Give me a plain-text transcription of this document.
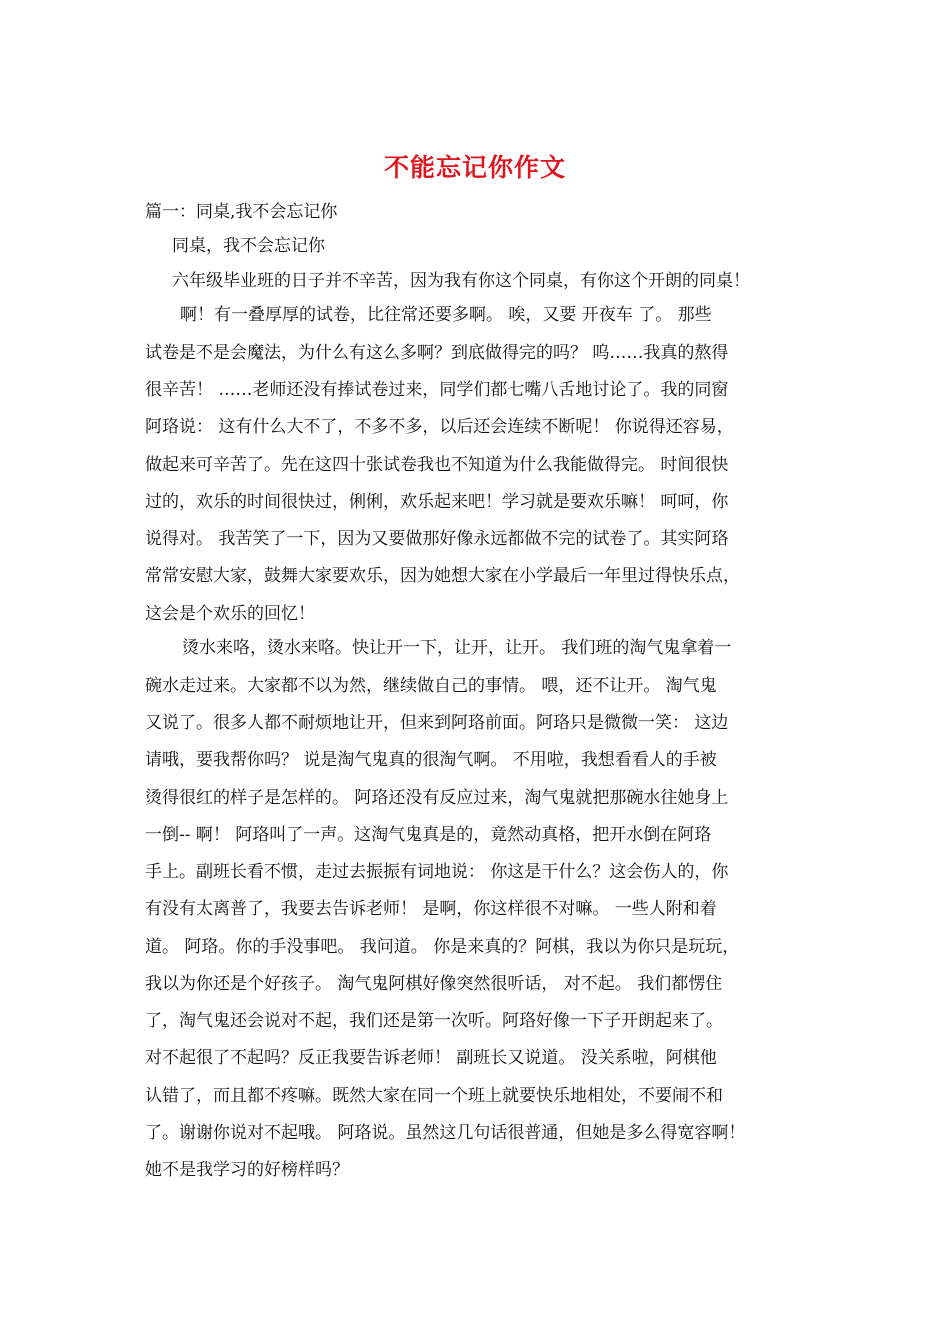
不能忘记你作文
篇一：同桌,我不会忘记你
同桌，我不会忘记你
六年级毕业班的日子并不辛苦，因为我有你这个同桌，有你这个开朗的同桌！
啊！有一叠厚厚的试卷，比往常还要多啊。 唉，又要 开夜车 了。 那些
试卷是不是会魔法，为什么有这么多啊？到底做得完的吗？ 呜……我真的熬得
很辛苦！ ……老师还没有捧试卷过来，同学们都七嘴八舌地讨论了。我的同窗
阿珞说： 这有什么大不了，不多不多，以后还会连续不断呢！ 你说得还容易，
做起来可辛苦了。先在这四十张试卷我也不知道为什么我能做得完。 时间很快
过的，欢乐的时间很快过，俐俐，欢乐起来吧！学习就是要欢乐嘛！ 呵呵，你
说得对。 我苦笑了一下，因为又要做那好像永远都做不完的试卷了。其实阿珞
常常安慰大家，鼓舞大家要欢乐，因为她想大家在小学最后一年里过得快乐点，
这会是个欢乐的回忆！
烫水来咯，烫水来咯。快让开一下，让开，让开。 我们班的淘气鬼拿着一
碗水走过来。大家都不以为然，继续做自己的事情。 喂，还不让开。 淘气鬼
又说了。很多人都不耐烦地让开，但来到阿珞前面。阿珞只是微微一笑： 这边
请哦，要我帮你吗？ 说是淘气鬼真的很淘气啊。 不用啦，我想看看人的手被
烫得很红的样子是怎样的。 阿珞还没有反应过来，淘气鬼就把那碗水往她身上
一倒-- 啊！ 阿珞叫了一声。这淘气鬼真是的，竟然动真格，把开水倒在阿珞
手上。副班长看不惯，走过去振振有词地说： 你这是干什么？这会伤人的，你
有没有太离普了，我要去告诉老师！ 是啊，你这样很不对嘛。 一些人附和着
道。 阿珞。你的手没事吧。 我问道。 你是来真的？阿棋，我以为你只是玩玩，
我以为你还是个好孩子。 淘气鬼阿棋好像突然很听话， 对不起。 我们都愣住
了，淘气鬼还会说对不起，我们还是第一次听。阿珞好像一下子开朗起来了。
对不起很了不起吗？反正我要告诉老师！ 副班长又说道。 没关系啦，阿棋他
认错了，而且都不疼嘛。既然大家在同一个班上就要快乐地相处，不要闹不和
了。谢谢你说对不起哦。 阿珞说。虽然这几句话很普通，但她是多么得宽容啊！
她不是我学习的好榜样吗？
